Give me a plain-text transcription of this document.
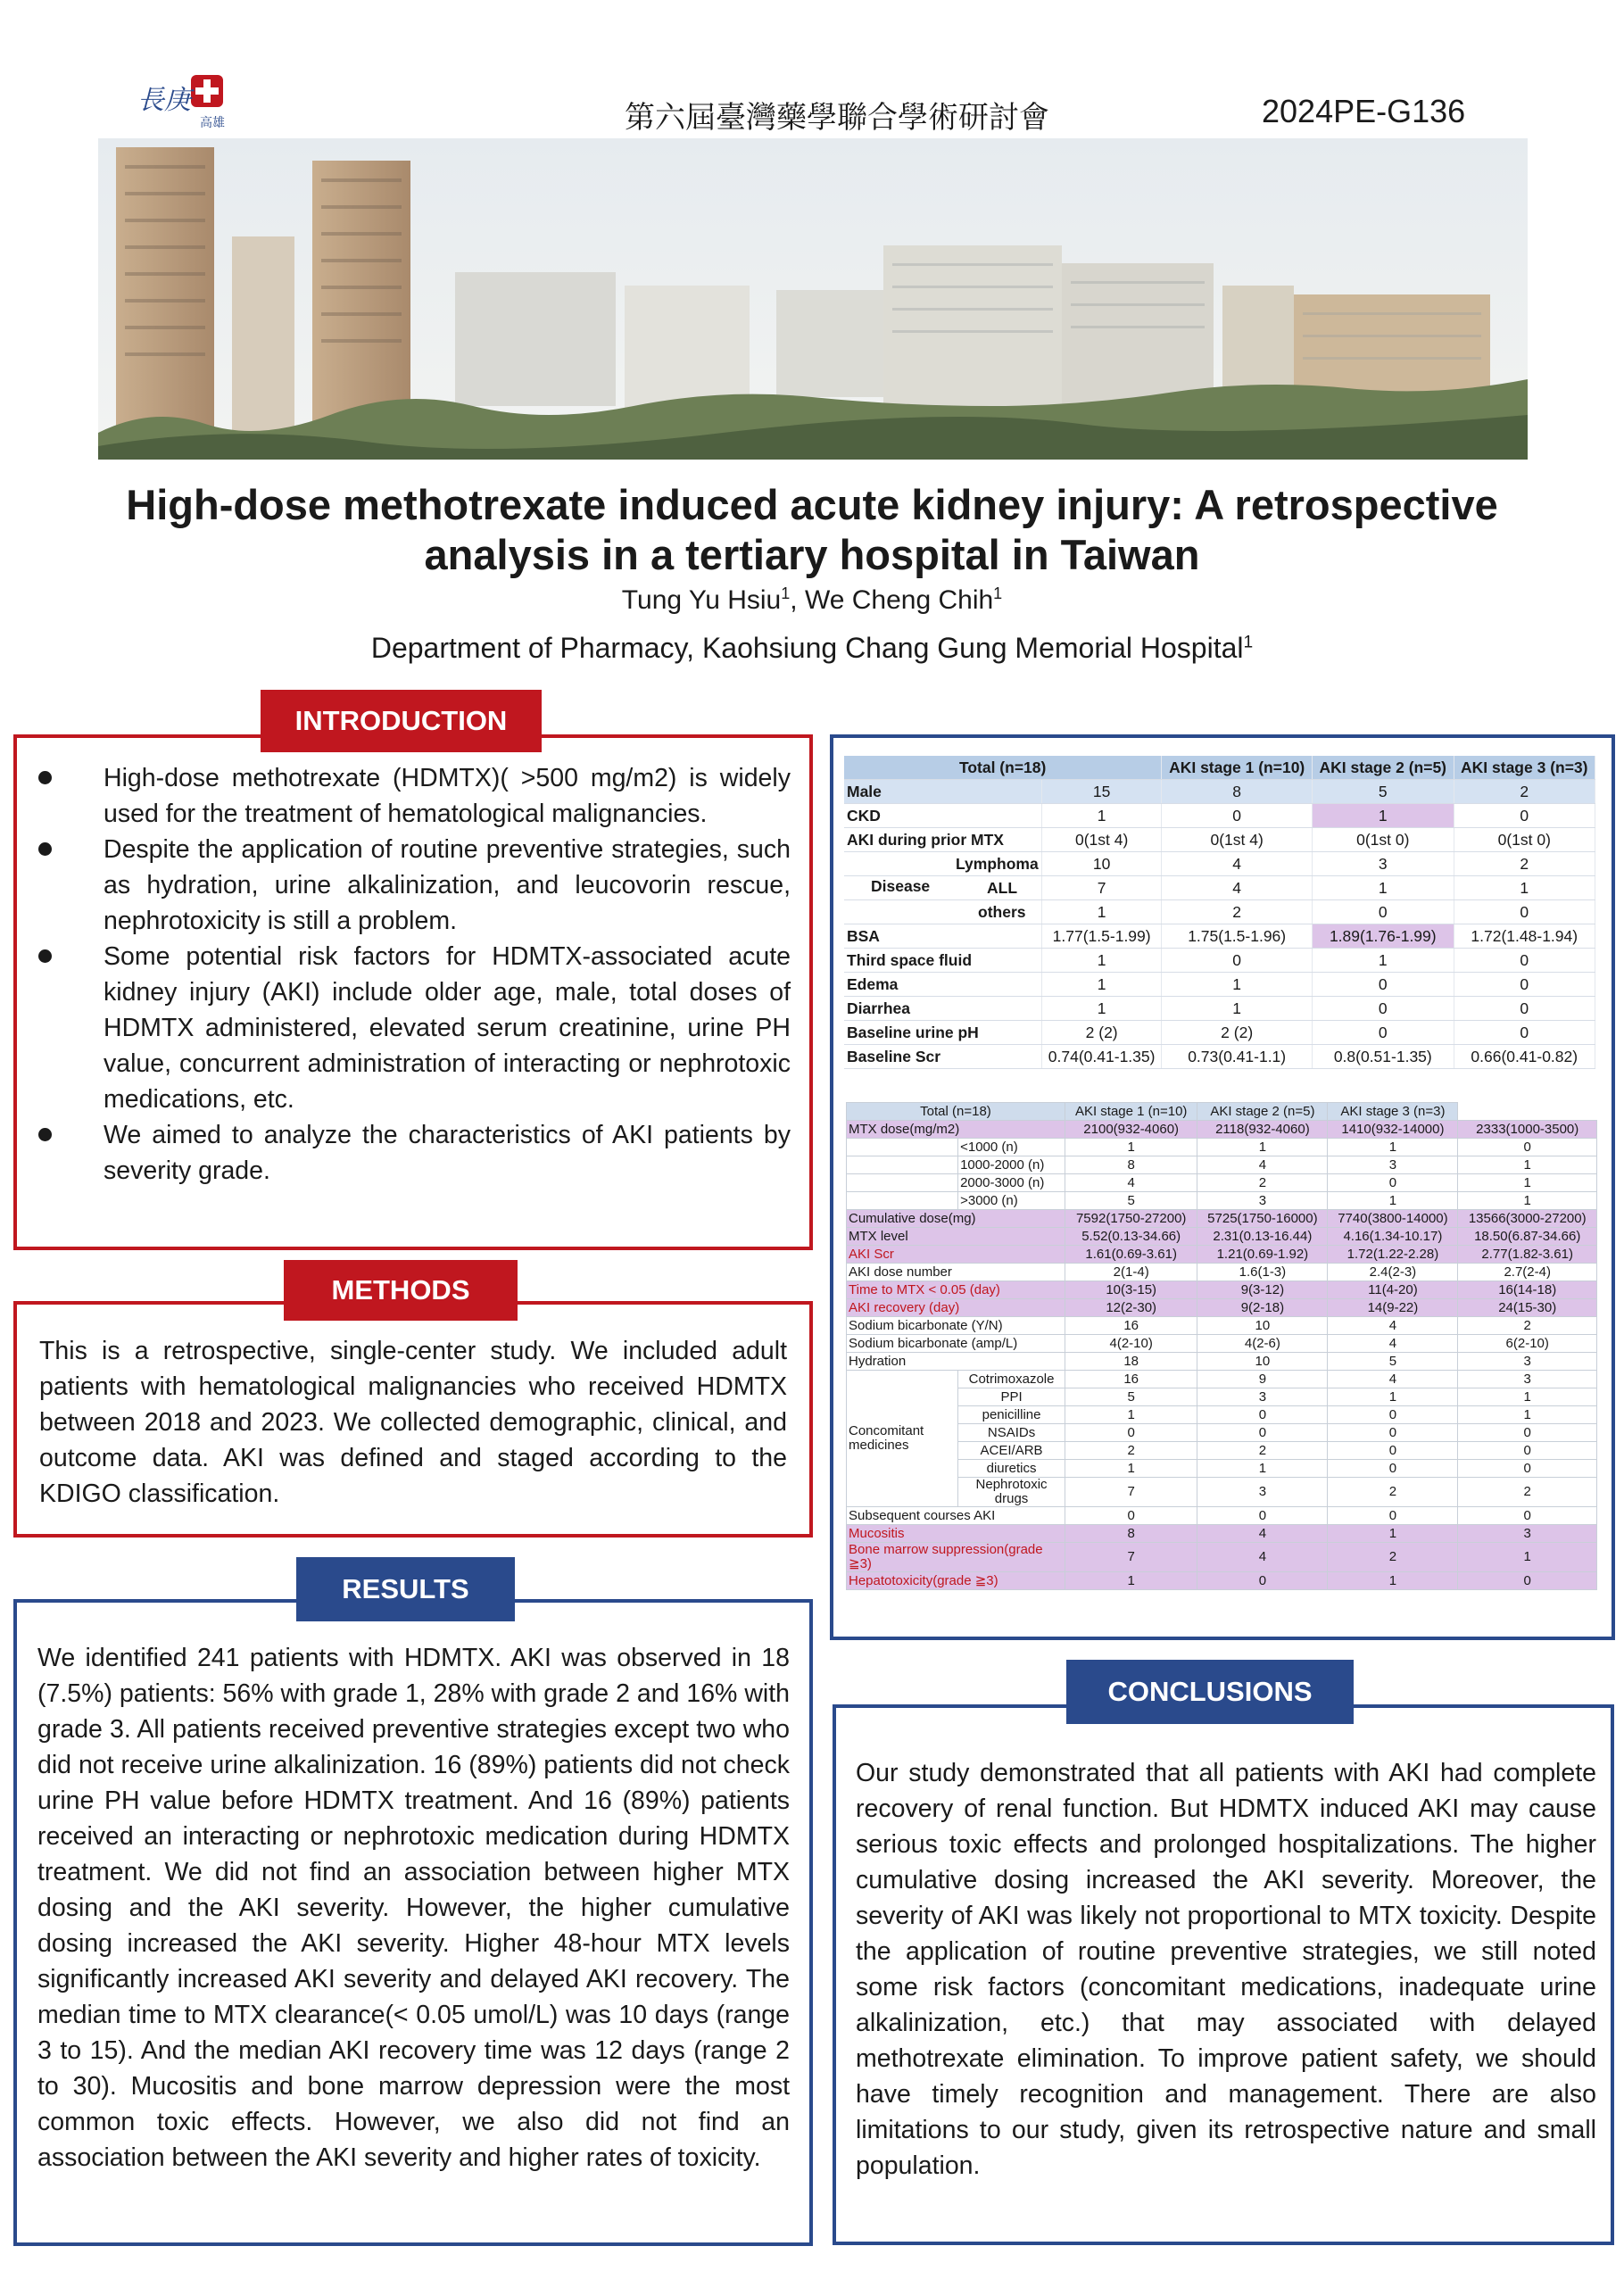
長庚
高雄	第六屆臺灣藥學聯合學術研討會	2024PE-G136
High-dose methotrexate induced acute kidney injury: A retrospective
analysis in a tertiary hospital in Taiwan
Tung Yu Hsiu$^1$, We Cheng Chih$^1$
Department of Pharmacy, Kaohsiung Chang Gung Memorial Hospital$^1$
INTRODUCTION
High-dose methotrexate (HDMTX)( >500 mg/m2) is widely used for the treatment of hematological malignancies.
Despite the application of routine preventive strategies, such as hydration, urine alkalinization, and leucovorin rescue, nephrotoxicity is still a problem.
Some potential risk factors for HDMTX-associated acute kidney injury (AKI) include older age, male, total doses of HDMTX administered, elevated serum creatinine, urine PH value, concurrent administration of interacting or nephrotoxic medications, etc.
We aimed to analyze the characteristics of AKI patients by severity grade.
METHODS
This is a retrospective, single-center study. We included adult patients with hematological malignancies who received HDMTX between 2018 and 2023. We collected demographic, clinical, and outcome data. AKI was defined and staged according to the KDIGO classification.
RESULTS
We identified 241 patients with HDMTX. AKI was observed in 18 (7.5%) patients: 56% with grade 1, 28% with grade 2 and 16% with grade 3. All patients received preventive strategies except two who did not receive urine alkalinization. 16 (89%) patients did not check urine PH value before HDMTX treatment. And 16 (89%) patients received an interacting or nephrotoxic medication during HDMTX treatment. We did not find an association between higher MTX dosing and the AKI severity. However, the higher cumulative dosing increased the AKI severity. Higher 48-hour MTX levels significantly increased AKI severity and delayed AKI recovery. The median time to MTX clearance(< 0.05 umol/L) was 10 days (range 3 to 15). And the median AKI recovery time was 12 days (range 2 to 30). Mucositis and bone marrow depression were the most common toxic effects. However, we also did not find an association between the AKI severity and higher rates of toxicity.
Total (n=18)		AKI stage 1 (n=10)	AKI stage 2 (n=5)	AKI stage 3 (n=3)
Male	15	8	5	2
CKD	1	0	1	0
AKI during prior MTX	0(1st 4)	0(1st 4)	0(1st 0)	0(1st 0)

Disease
Lymphoma	10	4	3	2
ALL	7	4	1	1
others	1	2	0	0
BSA	1.77(1.5-1.99)	1.75(1.5-1.96)	1.89(1.76-1.99)	1.72(1.48-1.94)
Third space fluid	1	0	1	0
Edema	1	1	0	0
Diarrhea	1	1	0	0
Baseline urine pH	2 (2)	2 (2)	0	0
Baseline Scr	0.74(0.41-1.35)	0.73(0.41-1.1)	0.8(0.51-1.35)	0.66(0.41-0.82)
Total (n=18)		AKI stage 1 (n=10)	AKI stage 2 (n=5)	AKI stage 3 (n=3)	
MTX dose(mg/m2)		2100(932-4060)	2118(932-4060)	1410(932-14000)	2333(1000-3500)
	<1000 (n)	1	1	1	0
	1000-2000 (n)	8	4	3	1
	2000-3000 (n)	4	2	0	1
	>3000 (n)	5	3	1	1
Cumulative dose(mg)		7592(1750-27200)	5725(1750-16000)	7740(3800-14000)	13566(3000-27200)
MTX level		5.52(0.13-34.66)	2.31(0.13-16.44)	4.16(1.34-10.17)	18.50(6.87-34.66)
AKI Scr		1.61(0.69-3.61)	1.21(0.69-1.92)	1.72(1.22-2.28)	2.77(1.82-3.61)
AKI dose number		2(1-4)	1.6(1-3)	2.4(2-3)	2.7(2-4)
Time to MTX < 0.05 (day)		10(3-15)	9(3-12)	11(4-20)	16(14-18)
AKI recovery (day)		12(2-30)	9(2-18)	14(9-22)	24(15-30)
Sodium bicarbonate (Y/N)		16	10	4	2
Sodium bicarbonate (amp/L)		4(2-10)	4(2-6)	4	6(2-10)
Hydration		18	10	5	3
Concomitant medicines	Cotrimoxazole	16	9	4	3
	PPI	5	3	1	1
	penicilline	1	0	0	1
	NSAIDs	0	0	0	0
	ACEI/ARB	2	2	0	0
	diuretics	1	1	0	0
	Nephrotoxic drugs	7	3	2	2
Subsequent courses AKI		0	0	0	0
Mucositis		8	4	1	3
Bone marrow suppression(grade ≧3)		7	4	2	1
Hepatotoxicity(grade ≧3)		1	0	1	0
CONCLUSIONS
Our study demonstrated that all patients with AKI had complete recovery of renal function. But HDMTX induced AKI may cause serious toxic effects and prolonged hospitalizations. The higher cumulative dosing increased the AKI severity. Moreover, the severity of AKI was likely not proportional to MTX toxicity. Despite the application of routine preventive strategies, we still noted some risk factors (concomitant medications, inadequate urine alkalinization, etc.) that may associated with delayed methotrexate elimination. To improve patient safety, we should have timely recognition and management. There are also limitations to our study, given its retrospective nature and small population.
